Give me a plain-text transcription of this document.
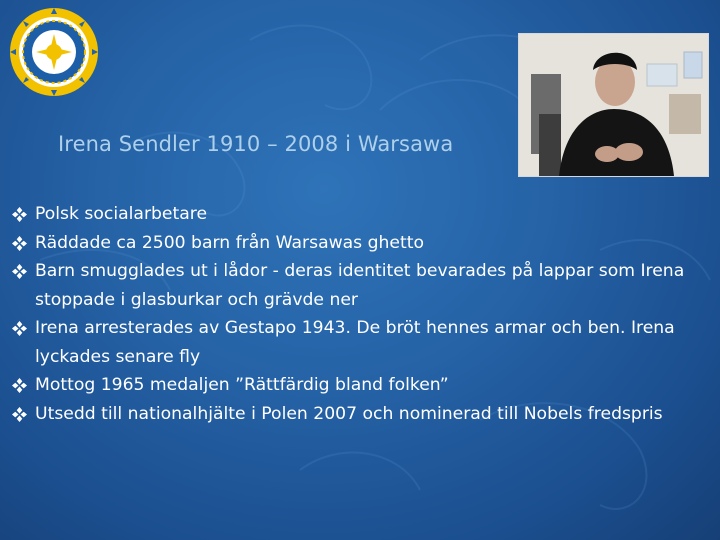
Irena Sendler 1910 – 2008 i Warsawa
Polsk socialarbetare
Räddade ca 2500 barn från Warsawas ghetto
Barn smugglades ut i lådor - deras identitet bevarades på lappar som Irena stoppade i glasburkar och grävde ner
Irena arresterades av Gestapo 1943. De bröt hennes armar och ben. Irena lyckades senare fly
Mottog 1965 medaljen ”Rättfärdig bland folken”
Utsedd till nationalhjälte i Polen 2007 och nominerad till Nobels fredspris
